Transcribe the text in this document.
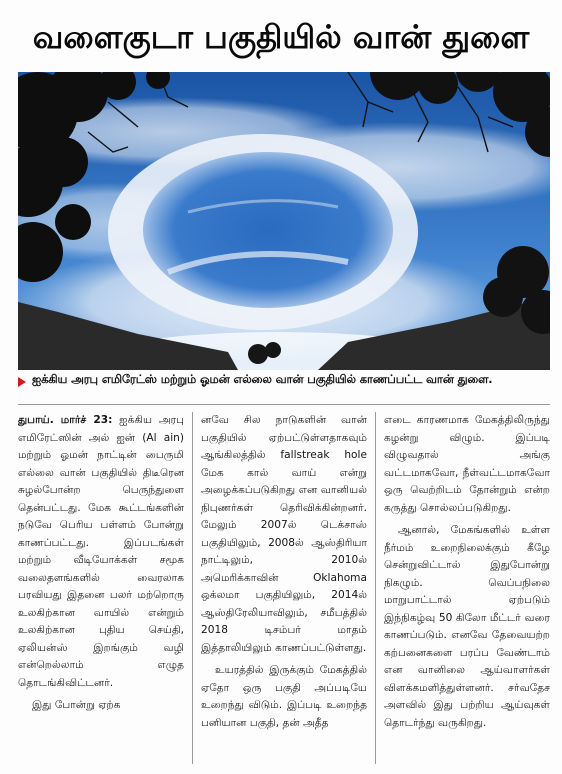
வளைகுடா பகுதியில் வான் துளை
ஐக்கிய அரபு எமிரேட்ஸ் மற்றும் ஓமன் எல்லை வான் பகுதியில் காணப்பட்ட வான் துளை.

துபாய். மார்ச் 23: ஐக்கிய அரபு எமிரேட்ஸின் அல் ஐன் (Al ain) மற்றும் ஓமன் நாட்டின் பைருமி எல்லை வான் பகுதியில் திடீரென சுழல்போன்ற பெருந்துளை தென்பட்டது. மேக கூட்டங்களின் நடுவே பெரிய பள்ளம் போன்று காணப்பட்டது. இப்படங்கள் மற்றும் வீடியோக்கள் சமூக வலைதளங்களில் வைரலாக பரவியது இதனை பலர் மற்றொரு உலகிற்கான வாயில் என்றும் உலகிற்கான புதிய செய்தி, ஏலியன்ஸ் இறங்கும் வழி என்றெல்லாம் எழுத தொடங்கிவிட்டனர்.

இது போன்று ஏற்க

னவே சில நாடுகளின் வான் பகுதியில் ஏற்பட்டுள்ளதாகவும் ஆங்கிலத்தில் fallstreak hole மேக கால் வாய் என்று அழைக்கப்படுகிறது என வானியல் நிபுணர்கள் தெரிவிக்கின்றனர். மேலும் 2007ல் டெக்சாஸ் பகுதியிலும், 2008ல் ஆஸ்திரியா நாட்டிலும், 2010ல் அமெரிக்காவின் Oklahoma ஒக்லமா பகுதியிலும், 2014ல் ஆஸ்திரேலியாவிலும், சமீபத்தில் 2018 டிசம்பர் மாதம் இத்தாலியிலும் காணப்பட்டுள்ளது.

உயரத்தில் இருக்கும் மேகத்தில் ஏதோ ஒரு பகுதி அப்படியே உறைந்து விடும். இப்படி உறைந்த பனியான பகுதி, தன் அதீத

எடை காரணமாக மேகத்திலிருந்து கழன்று விழும். இப்படி விழுவதால் அங்கு வட்டமாகவோ, நீள்வட்டமாகவோ ஒரு வெற்றிடம் தோன்றும் என்ற கருத்து சொல்லப்படுகிறது.

ஆனால், மேகங்களில் உள்ள நீர்மம் உறைநிலைக்கும் கீழே சென்றுவிட்டால் இதுபோன்று நிகழும். வெப்பநிலை மாறுபாட்டால் ஏற்படும் இந்நிகழ்வு 50 கிலோ மீட்டர் வரை காணப்படும். எனவே தேவையற்ற கற்பனைகளை பரப்ப வேண்டாம் என வானிலை ஆய்வாளர்கள் விளக்கமளித்துள்ளனர். சர்வதேச அளவில் இது பற்றிய ஆய்வுகள் தொடர்ந்து வருகிறது.
